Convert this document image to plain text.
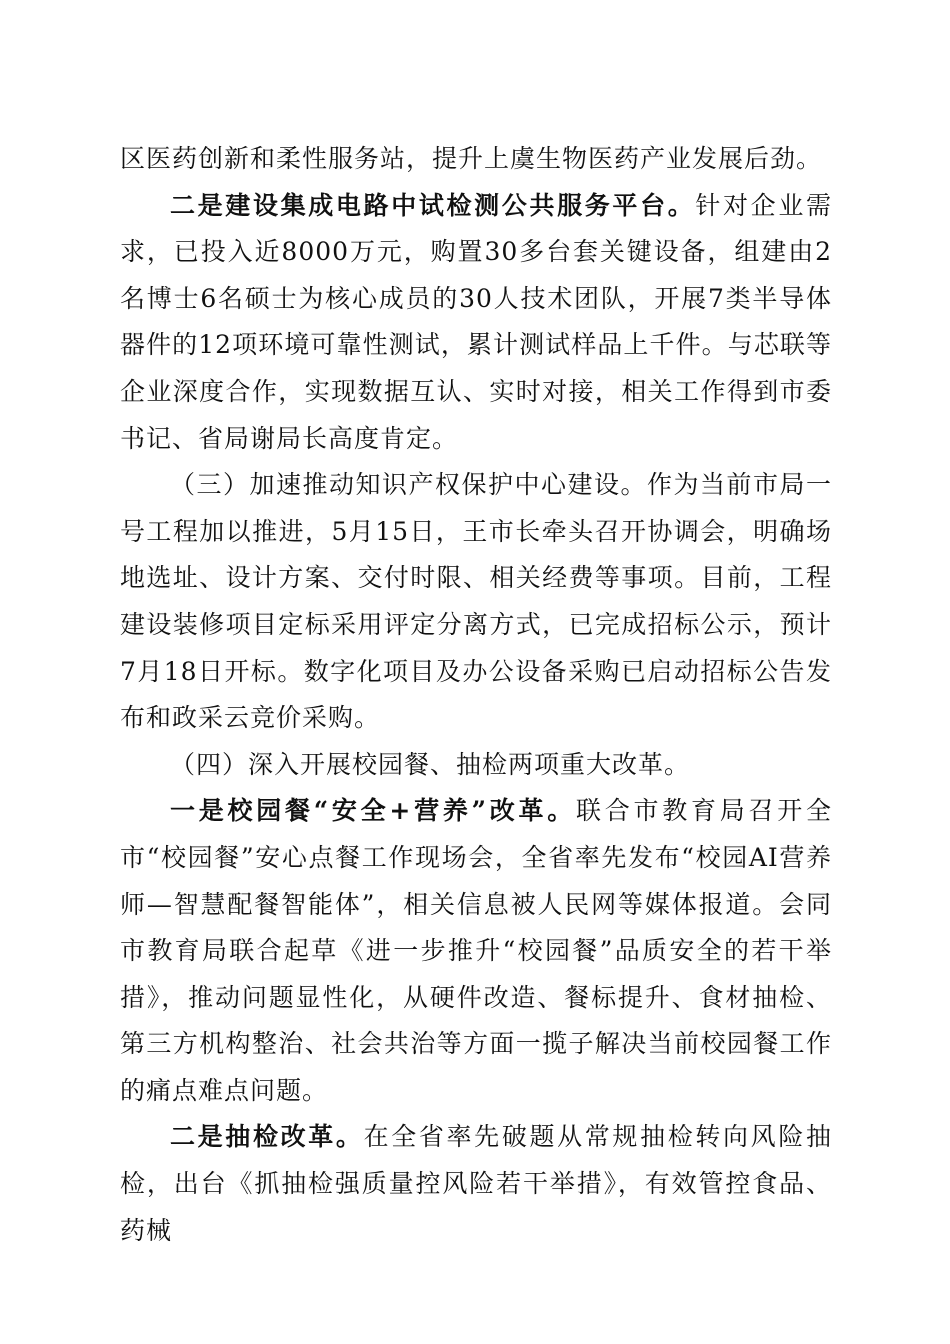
区医药创新和柔性服务站，提升上虞生物医药产业发展后劲。

二是建设集成电路中试检测公共服务平台。针对企业需求，已投入近8000万元，购置30多台套关键设备，组建由2名博士6名硕士为核心成员的30人技术团队，开展7类半导体器件的12项环境可靠性测试，累计测试样品上千件。与芯联等企业深度合作，实现数据互认、实时对接，相关工作得到市委书记、省局谢局长高度肯定。

（三）加速推动知识产权保护中心建设。作为当前市局一号工程加以推进，5月15日，王市长牵头召开协调会，明确场地选址、设计方案、交付时限、相关经费等事项。目前，工程建设装修项目定标采用评定分离方式，已完成招标公示，预计7月18日开标。数字化项目及办公设备采购已启动招标公告发布和政采云竞价采购。

（四）深入开展校园餐、抽检两项重大改革。

一是校园餐“安全+营养”改革。联合市教育局召开全市“校园餐”安心点餐工作现场会，全省率先发布“校园AI营养师—智慧配餐智能体”，相关信息被人民网等媒体报道。会同市教育局联合起草《进一步推升“校园餐”品质安全的若干举措》，推动问题显性化，从硬件改造、餐标提升、食材抽检、第三方机构整治、社会共治等方面一揽子解决当前校园餐工作的痛点难点问题。

二是抽检改革。在全省率先破题从常规抽检转向风险抽检，出台《抓抽检强质量控风险若干举措》，有效管控食品、药械
